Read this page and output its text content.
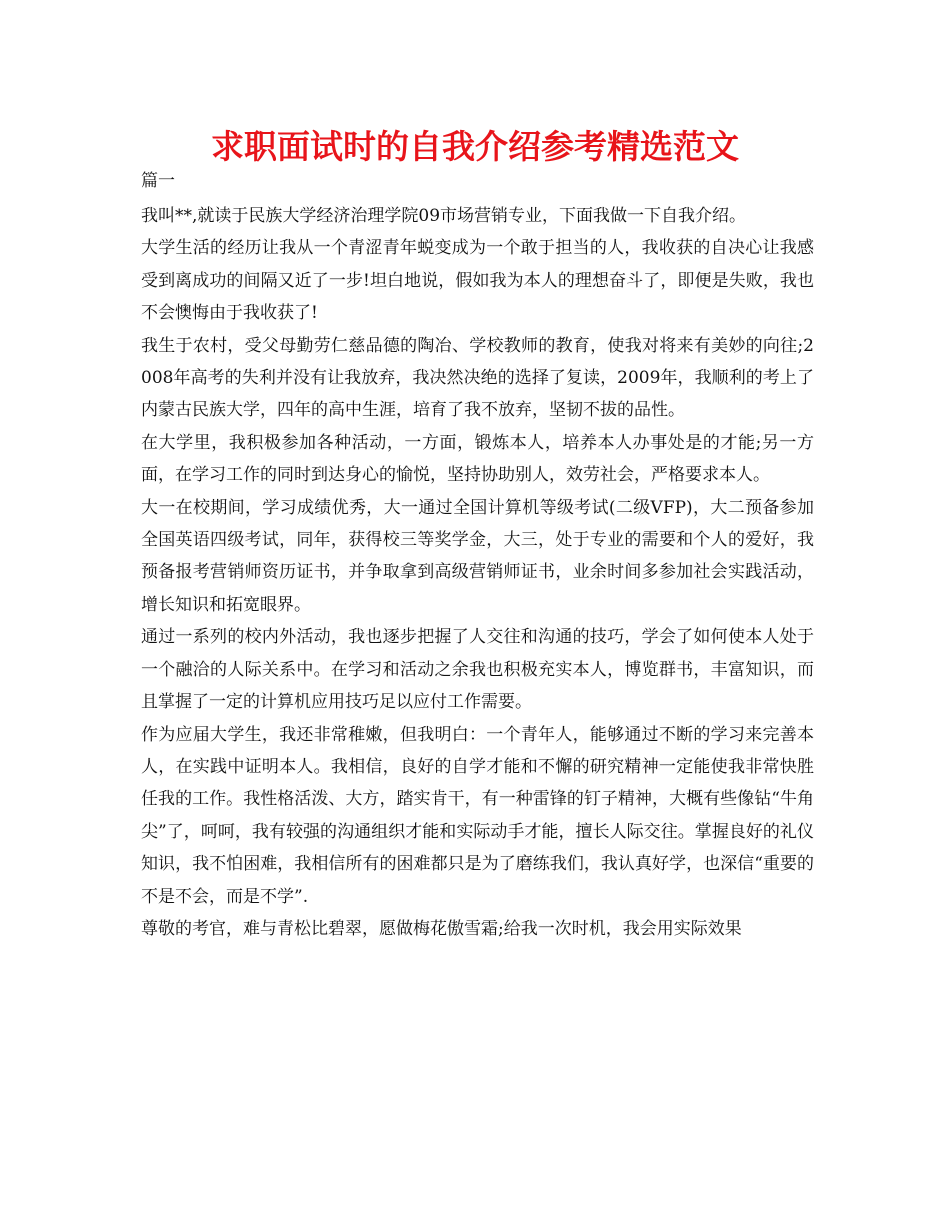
求职面试时的自我介绍参考精选范文
篇一

我叫**,就读于民族大学经济治理学院09市场营销专业，下面我做一下自我介绍。

大学生活的经历让我从一个青涩青年蜕变成为一个敢于担当的人，我收获的自决心让我感受到离成功的间隔又近了一步!坦白地说，假如我为本人的理想奋斗了，即便是失败，我也不会懊悔由于我收获了!

我生于农村，受父母勤劳仁慈品德的陶冶、学校教师的教育，使我对将来有美妙的向往;2008年高考的失利并没有让我放弃，我决然决绝的选择了复读，2009年，我顺利的考上了内蒙古民族大学，四年的高中生涯，培育了我不放弃，坚韧不拔的品性。

在大学里，我积极参加各种活动，一方面，锻炼本人，培养本人办事处是的才能;另一方面，在学习工作的同时到达身心的愉悦，坚持协助别人，效劳社会，严格要求本人。

大一在校期间，学习成绩优秀，大一通过全国计算机等级考试(二级VFP)，大二预备参加全国英语四级考试，同年，获得校三等奖学金，大三，处于专业的需要和个人的爱好，我预备报考营销师资历证书，并争取拿到高级营销师证书，业余时间多参加社会实践活动，增长知识和拓宽眼界。

通过一系列的校内外活动，我也逐步把握了人交往和沟通的技巧，学会了如何使本人处于一个融洽的人际关系中。在学习和活动之余我也积极充实本人，博览群书，丰富知识，而且掌握了一定的计算机应用技巧足以应付工作需要。

作为应届大学生，我还非常稚嫩，但我明白：一个青年人，能够通过不断的学习来完善本人，在实践中证明本人。我相信，良好的自学才能和不懈的研究精神一定能使我非常快胜任我的工作。我性格活泼、大方，踏实肯干，有一种雷锋的钉子精神，大概有些像钻“牛角尖”了，呵呵，我有较强的沟通组织才能和实际动手才能，擅长人际交往。掌握良好的礼仪知识，我不怕困难，我相信所有的困难都只是为了磨练我们，我认真好学，也深信“重要的不是不会，而是不学”.

尊敬的考官，难与青松比碧翠，愿做梅花傲雪霜;给我一次时机，我会用实际效果
